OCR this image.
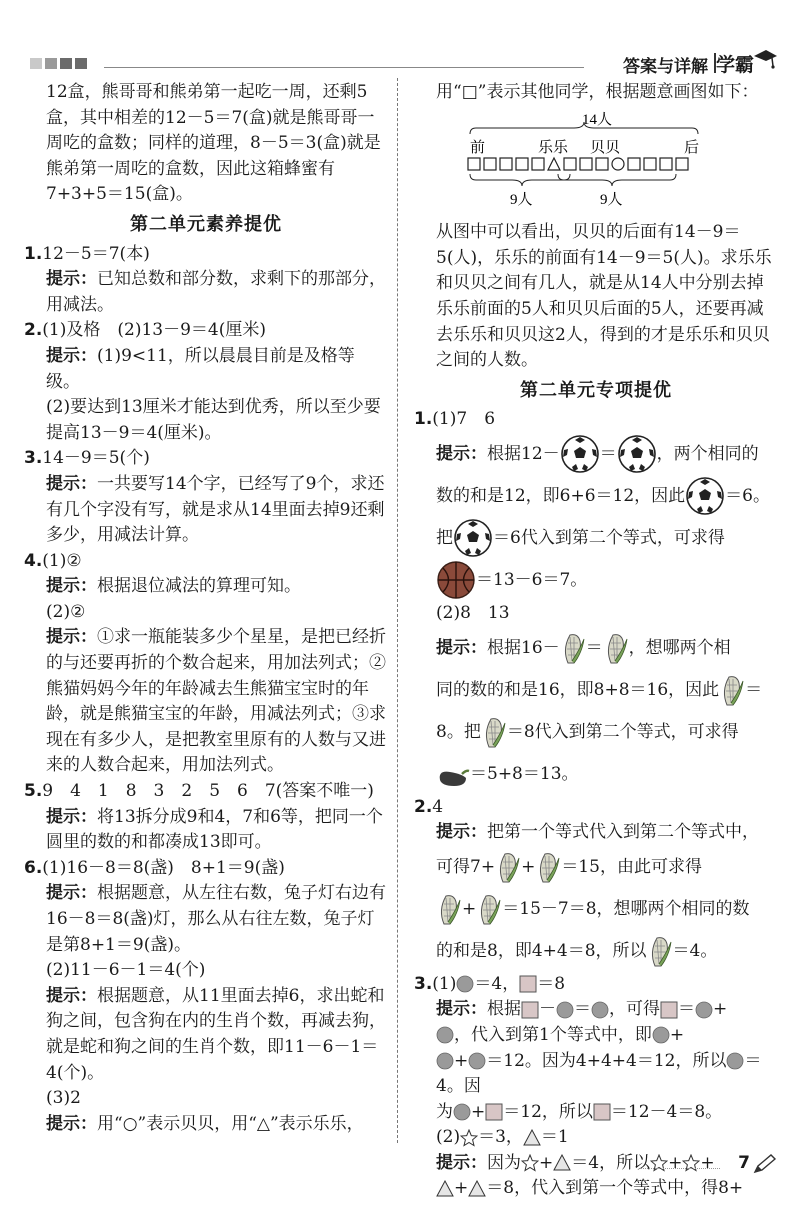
答案与详解 学霸

12盒，熊哥哥和熊弟第一起吃一周，还剩5盒，其中相差的12－5＝7(盒)就是熊哥哥一周吃的盒数；同样的道理，8－5＝3(盒)就是熊弟第一周吃的盒数，因此这箱蜂蜜有7+3+5＝15(盒)。

第二单元素养提优

1.12－5＝7(本)

提示：已知总数和部分数，求剩下的那部分，用减法。

2.(1)及格　(2)13－9＝4(厘米)

提示：(1)9<11，所以晨晨目前是及格等级。

(2)要达到13厘米才能达到优秀，所以至少要提高13－9＝4(厘米)。

3.14－9＝5(个)

提示：一共要写14个字，已经写了9个，求还有几个字没有写，就是求从14里面去掉9还剩多少，用减法计算。

4.(1)②

提示：根据退位减法的算理可知。

(2)②

提示：①求一瓶能装多少个星星，是把已经折的与还要再折的个数合起来，用加法列式；②熊猫妈妈今年的年龄减去生熊猫宝宝时的年龄，就是熊猫宝宝的年龄，用减法列式；③求现在有多少人，是把教室里原有的人数与又进来的人数合起来，用加法列式。

5.9　4　1　8　3　2　5　6　7(答案不唯一)

提示：将13拆分成9和4，7和6等，把同一个圆里的数的和都凑成13即可。

6.(1)16－8＝8(盏)　8+1＝9(盏)

提示：根据题意，从左往右数，兔子灯右边有16－8＝8(盏)灯，那么从右往左数，兔子灯是第8+1＝9(盏)。

(2)11－6－1＝4(个)

提示：根据题意，从11里面去掉6，求出蛇和狗之间，包含狗在内的生肖个数，再减去狗，就是蛇和狗之间的生肖个数，即11－6－1＝4(个)。

(3)2

提示：用“○”表示贝贝，用“△”表示乐乐，

用“□”表示其他同学，根据题意画图如下：

14人
前	乐乐 贝贝	后
9人	9人

从图中可以看出，贝贝的后面有14－9＝5(人)，乐乐的前面有14－9＝5(人)。求乐乐和贝贝之间有几人，就是从14人中分别去掉乐乐前面的5人和贝贝后面的5人，还要再减去乐乐和贝贝这2人，得到的才是乐乐和贝贝之间的人数。

第二单元专项提优

1.(1)7　6

提示：根据12－ ＝ ，两个相同的

数的和是12，即6+6＝12，因此 ＝6。

把 ＝6代入到第二个等式，可求得

＝13－6＝7。

(2)8　13

提示：根据16－ ＝ ，想哪两个相

同的数的和是16，即8+8＝16，因此 ＝

8。把 ＝8代入到第二个等式，可求得

＝5+8＝13。

2.4

提示：把第一个等式代入到第二个等式中，

可得7+ + ＝15，由此可求得

+ ＝15－7＝8，想哪两个相同的数

的和是8，即4+4＝8，所以 ＝4。

3.(1) ＝4， ＝8

提示：根据 － ＝ ，可得 ＝ +

，代入到第1个等式中，即 +

+ ＝12。因为4+4+4＝12，所以 ＝4。因

为 + ＝12，所以 ＝12－4＝8。

(2) ＝3， ＝1

提示：因为 + ＝4，所以 + +

+ ＝8，代入到第一个等式中，得8+

7
